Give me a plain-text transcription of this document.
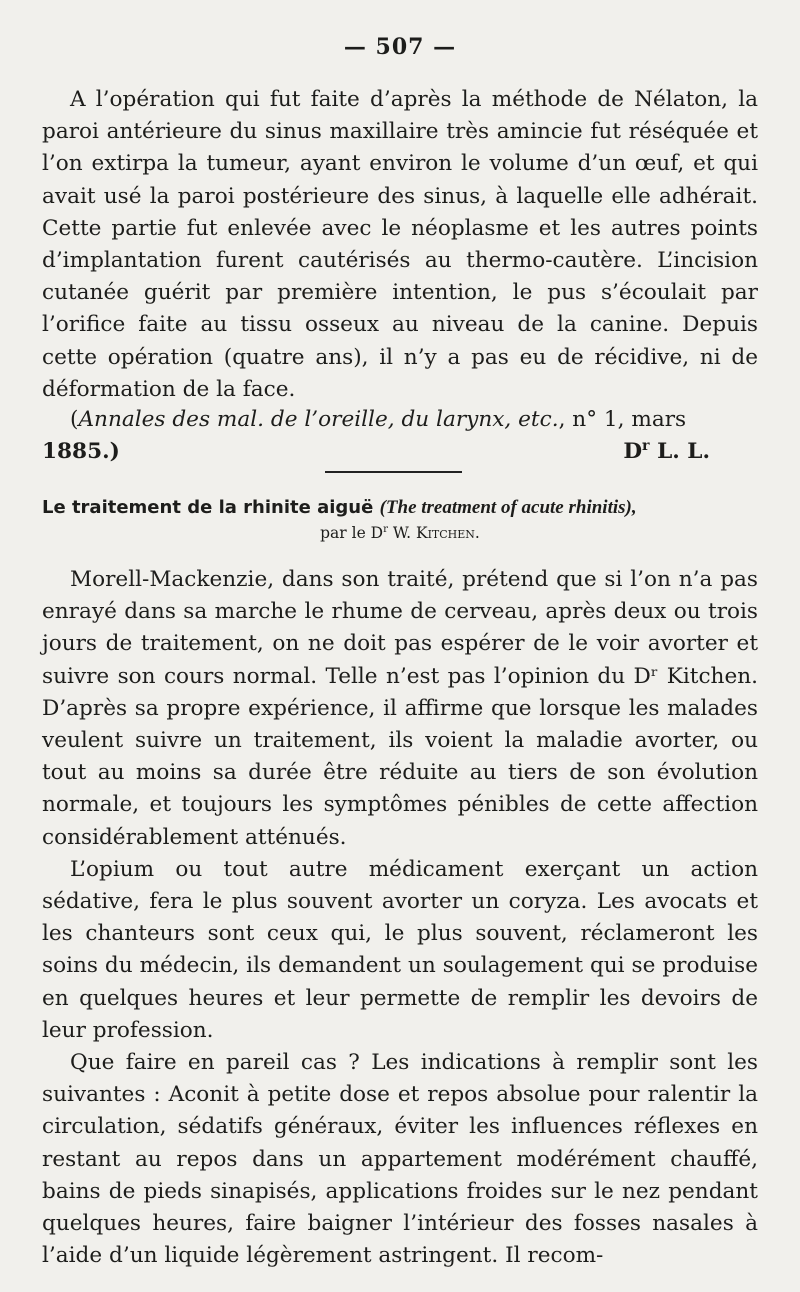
— 507 —

A l’opération qui fut faite d’après la méthode de Nélaton, la paroi antérieure du sinus maxillaire très amincie fut réséquée et l’on extirpa la tumeur, ayant environ le volume d’un œuf, et qui avait usé la paroi postérieure des sinus, à laquelle elle adhérait. Cette partie fut enlevée avec le néoplasme et les autres points d’implantation furent cautérisés au thermo-cautère. L’incision cutanée guérit par première intention, le pus s’écoulait par l’orifice faite au tissu osseux au niveau de la canine. Depuis cette opération (quatre ans), il n’y a pas eu de récidive, ni de déformation de la face.

(Annales des mal. de l’oreille, du larynx, etc., n° 1, mars
1885.)	$D^r$ L. L.
Le traitement de la rhinite aiguë (The treatment of acute rhinitis),
par le $D^r$ W. Kitchen.

Morell-Mackenzie, dans son traité, prétend que si l’on n’a pas enrayé dans sa marche le rhume de cerveau, après deux ou trois jours de traitement, on ne doit pas espérer de le voir avorter et suivre son cours normal. Telle n’est pas l’opinion du Dʳ Kitchen. D’après sa propre expérience, il affirme que lorsque les malades veulent suivre un traitement, ils voient la maladie avorter, ou tout au moins sa durée être réduite au tiers de son évolution normale, et toujours les symptômes pénibles de cette affection considérablement atténués.

L’opium ou tout autre médicament exerçant un action sédative, fera le plus souvent avorter un coryza. Les avocats et les chanteurs sont ceux qui, le plus souvent, réclameront les soins du médecin, ils demandent un soulagement qui se produise en quelques heures et leur permette de remplir les devoirs de leur profession.

Que faire en pareil cas ? Les indications à remplir sont les suivantes : Aconit à petite dose et repos absolue pour ralentir la circulation, sédatifs généraux, éviter les influences réflexes en restant au repos dans un appartement modérément chauffé, bains de pieds sinapisés, applications froides sur le nez pendant quelques heures, faire baigner l’intérieur des fosses nasales à l’aide d’un liquide légèrement astringent. Il recom-
